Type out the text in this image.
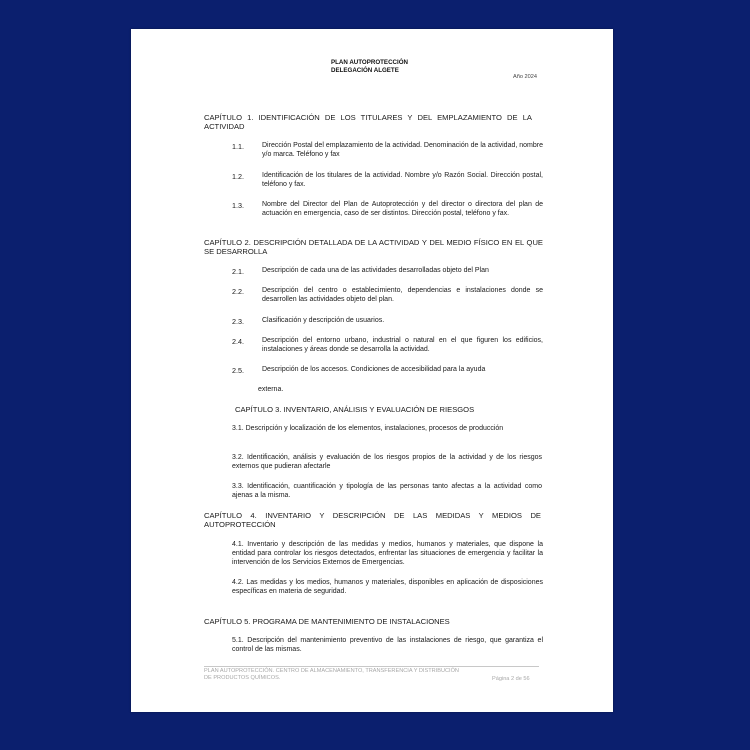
PLAN AUTOPROTECCIÓN
DELEGACIÓN ALGETE
Año 2024
CAPÍTULO 1. IDENTIFICACIÓN DE LOS TITULARES Y DEL EMPLAZAMIENTO DE LA ACTIVIDAD
1.1.	Dirección Postal del emplazamiento de la actividad. Denominación de la actividad, nombre y/o marca. Teléfono y fax
1.2.	Identificación de los titulares de la actividad. Nombre y/o Razón Social. Dirección postal, teléfono y fax.
1.3.	Nombre del Director del Plan de Autoprotección y del director o directora del plan de actuación en emergencia, caso de ser distintos. Dirección postal, teléfono y fax.
CAPÍTULO 2. DESCRIPCIÓN DETALLADA DE LA ACTIVIDAD Y DEL MEDIO FÍSICO EN EL QUE SE DESARROLLA
2.1.	Descripción de cada una de las actividades desarrolladas objeto del Plan
2.2.	Descripción del centro o establecimiento, dependencias e instalaciones donde se desarrollen las actividades objeto del plan.
2.3.	Clasificación y descripción de usuarios.
2.4.	Descripción del entorno urbano, industrial o natural en el que figuren los edificios, instalaciones y áreas donde se desarrolla la actividad.
2.5.	Descripción de los accesos. Condiciones de accesibilidad para la ayuda
externa.
CAPÍTULO 3. INVENTARIO, ANÁLISIS Y EVALUACIÓN DE RIESGOS
3.1. Descripción y localización de los elementos, instalaciones, procesos de producción
3.2. Identificación, análisis y evaluación de los riesgos propios de la actividad y de los riesgos externos que pudieran afectarle
3.3. Identificación, cuantificación y tipología de las personas tanto afectas a la actividad como ajenas a la misma.
CAPÍTULO 4. INVENTARIO Y DESCRIPCIÓN DE LAS MEDIDAS Y MEDIOS DE AUTOPROTECCIÓN
4.1. Inventario y descripción de las medidas y medios, humanos y materiales, que dispone la entidad para controlar los riesgos detectados, enfrentar las situaciones de emergencia y facilitar la intervención de los Servicios Externos de Emergencias.
4.2. Las medidas y los medios, humanos y materiales, disponibles en aplicación de disposiciones específicas en materia de seguridad.
CAPÍTULO 5. PROGRAMA DE MANTENIMIENTO DE INSTALACIONES
5.1. Descripción del mantenimiento preventivo de las instalaciones de riesgo, que garantiza el control de las mismas.
PLAN AUTOPROTECCIÓN. CENTRO DE ALMACENAMIENTO, TRANSFERENCIA Y DISTRIBUCIÓN
DE PRODUCTOS QUÍMICOS.	Página 2 de 56
